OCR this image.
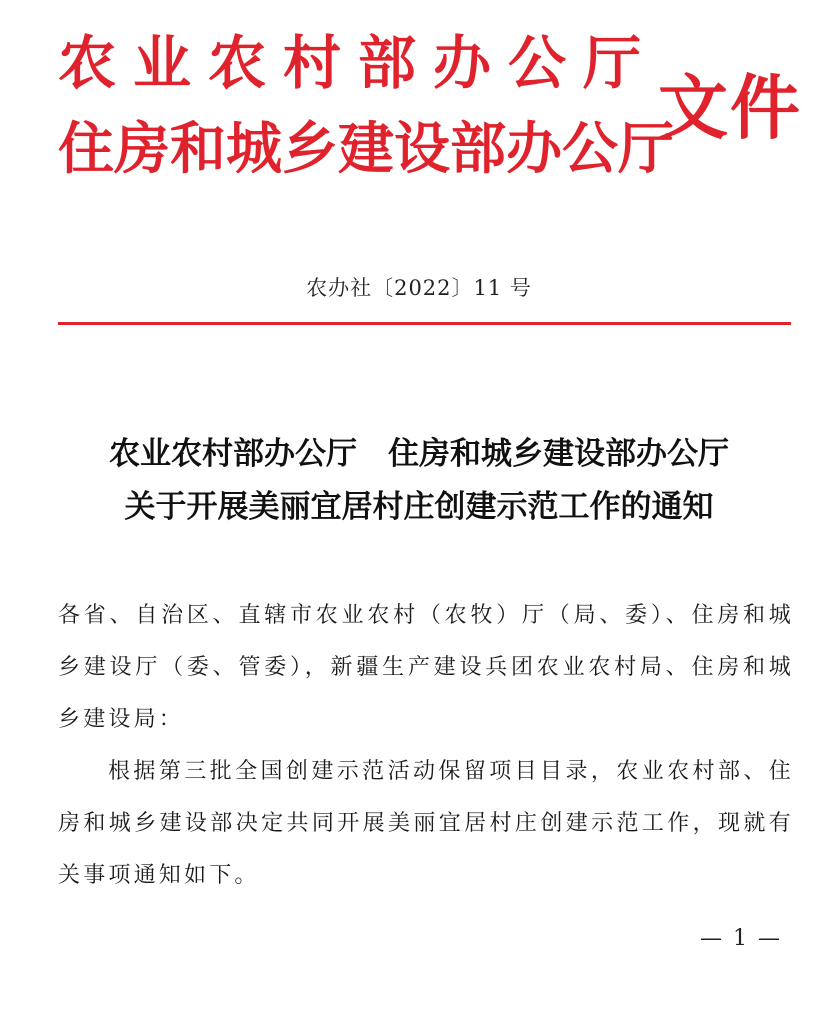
农业农村部办公厅
住房和城乡建设部办公厅
文件
农办社〔2022〕11 号
农业农村部办公厅　住房和城乡建设部办公厅
关于开展美丽宜居村庄创建示范工作的通知
各省、自治区、直辖市农业农村（农牧）厅（局、委）、住房和城乡建设厅（委、管委），新疆生产建设兵团农业农村局、住房和城乡建设局：
根据第三批全国创建示范活动保留项目目录，农业农村部、住房和城乡建设部决定共同开展美丽宜居村庄创建示范工作，现就有关事项通知如下。
— 1 —
